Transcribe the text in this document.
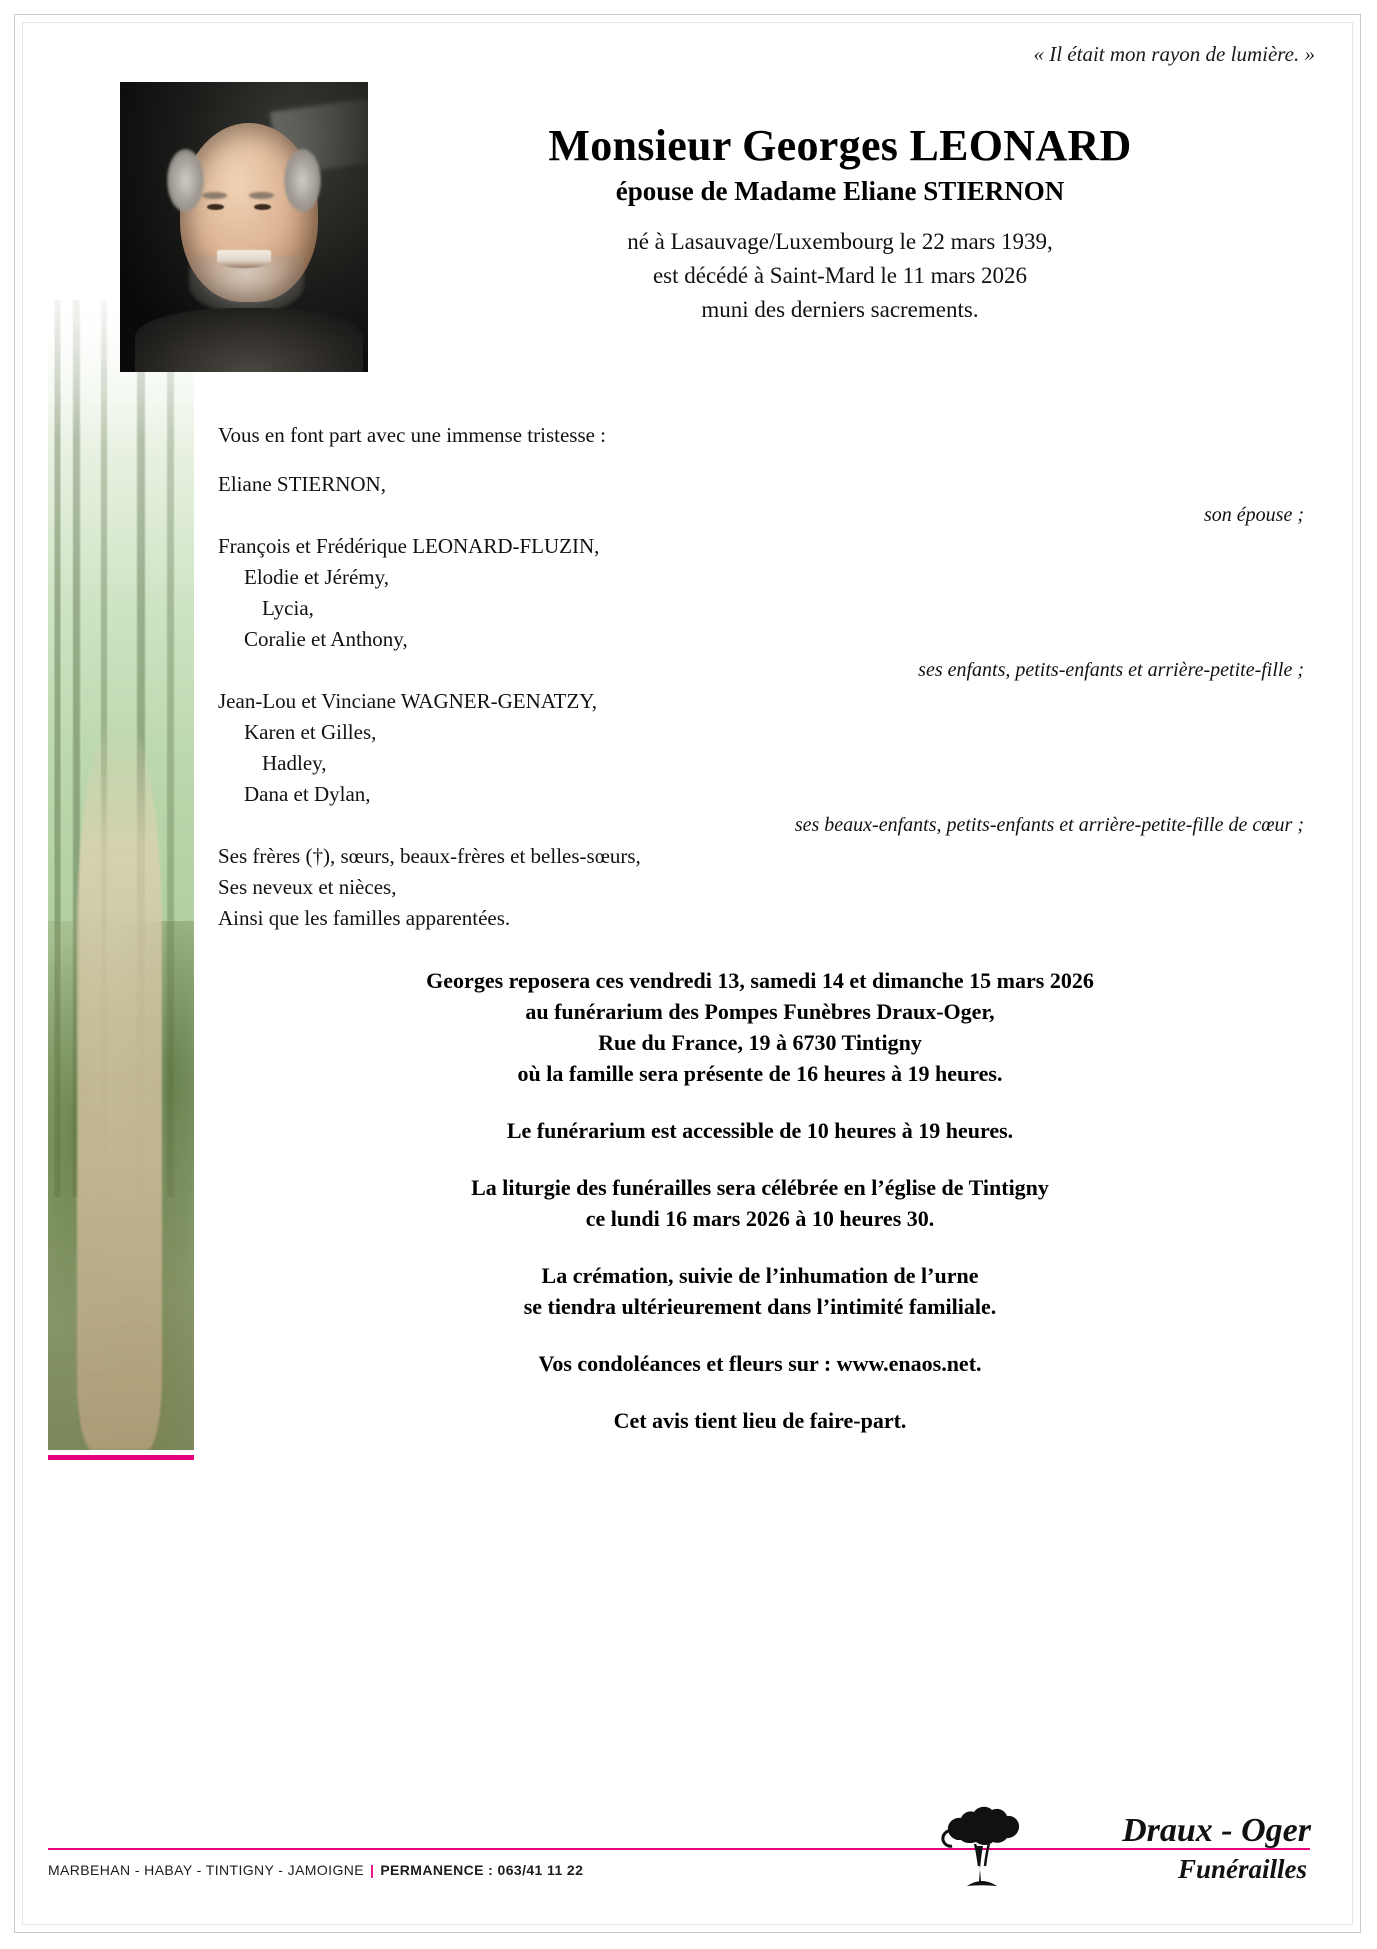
« Il était mon rayon de lumière. »
Monsieur Georges LEONARD
épouse de Madame Eliane STIERNON
né à Lasauvage/Luxembourg le 22 mars 1939,
est décédé à Saint-Mard le 11 mars 2026
muni des derniers sacrements.
Vous en font part avec une immense tristesse :
Eliane STIERNON,
son épouse ;
François et Frédérique LEONARD-FLUZIN,
Elodie et Jérémy,
Lycia,
Coralie et Anthony,
ses enfants, petits-enfants et arrière-petite-fille ;
Jean-Lou et Vinciane WAGNER-GENATZY,
Karen et Gilles,
Hadley,
Dana et Dylan,
ses beaux-enfants, petits-enfants et arrière-petite-fille de cœur ;
Ses frères (†), sœurs, beaux-frères et belles-sœurs,
Ses neveux et nièces,
Ainsi que les familles apparentées.
Georges reposera ces vendredi 13, samedi 14 et dimanche 15 mars 2026
au funérarium des Pompes Funèbres Draux-Oger,
Rue du France, 19 à 6730 Tintigny
où la famille sera présente de 16 heures à 19 heures.
Le funérarium est accessible de 10 heures à 19 heures.
La liturgie des funérailles sera célébrée en l’église de Tintigny
ce lundi 16 mars 2026 à 10 heures 30.
La crémation, suivie de l’inhumation de l’urne
se tiendra ultérieurement dans l’intimité familiale.
Vos condoléances et fleurs sur : www.enaos.net.
Cet avis tient lieu de faire-part.
MARBEHAN - HABAY - TINTIGNY - JAMOIGNE | PERMANENCE : 063/41 11 22
Draux - Oger
Funérailles
